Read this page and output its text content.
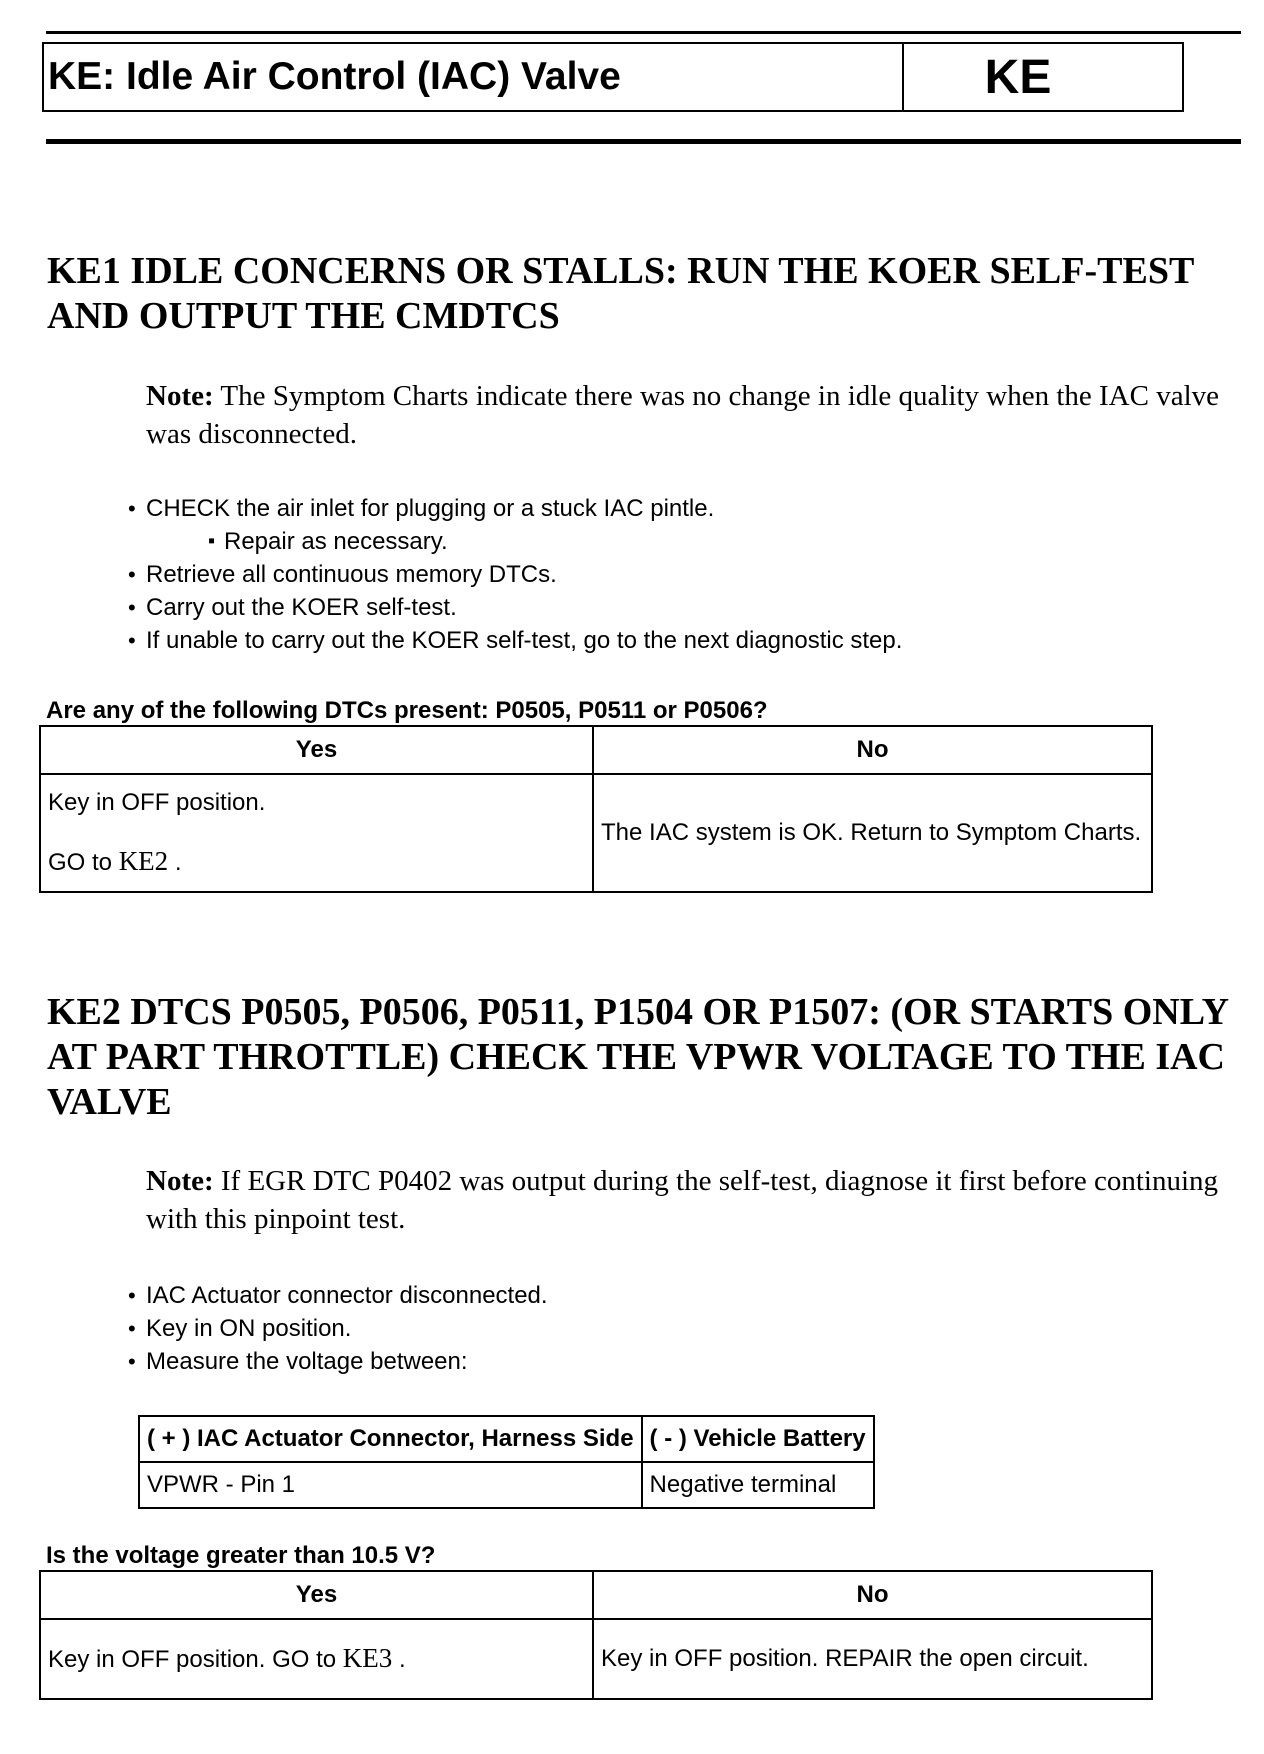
KE: Idle Air Control (IAC) Valve	KE
KE1 IDLE CONCERNS OR STALLS: RUN THE KOER SELF-TEST AND OUTPUT THE CMDTCS

Note: The Symptom Charts indicate there was no change in idle quality when the IAC valve was disconnected.

• CHECK the air inlet for plugging or a stuck IAC pintle.
▪ Repair as necessary.
• Retrieve all continuous memory DTCs.
• Carry out the KOER self-test.
• If unable to carry out the KOER self-test, go to the next diagnostic step.

Are any of the following DTCs present: P0505, P0511 or P0506?

Yes	No

Key in OFF position.
GO to KE2 .	The IAC system is OK. Return to Symptom Charts.
KE2 DTCS P0505, P0506, P0511, P1504 OR P1507: (OR STARTS ONLY AT PART THROTTLE) CHECK THE VPWR VOLTAGE TO THE IAC VALVE

Note: If EGR DTC P0402 was output during the self-test, diagnose it first before continuing with this pinpoint test.

• IAC Actuator connector disconnected.
• Key in ON position.
• Measure the voltage between:
( + ) IAC Actuator Connector, Harness Side	( - ) Vehicle Battery
VPWR - Pin 1	Negative terminal

Is the voltage greater than 10.5 V?

Yes	No
Key in OFF position. GO to KE3 .	Key in OFF position. REPAIR the open circuit.
